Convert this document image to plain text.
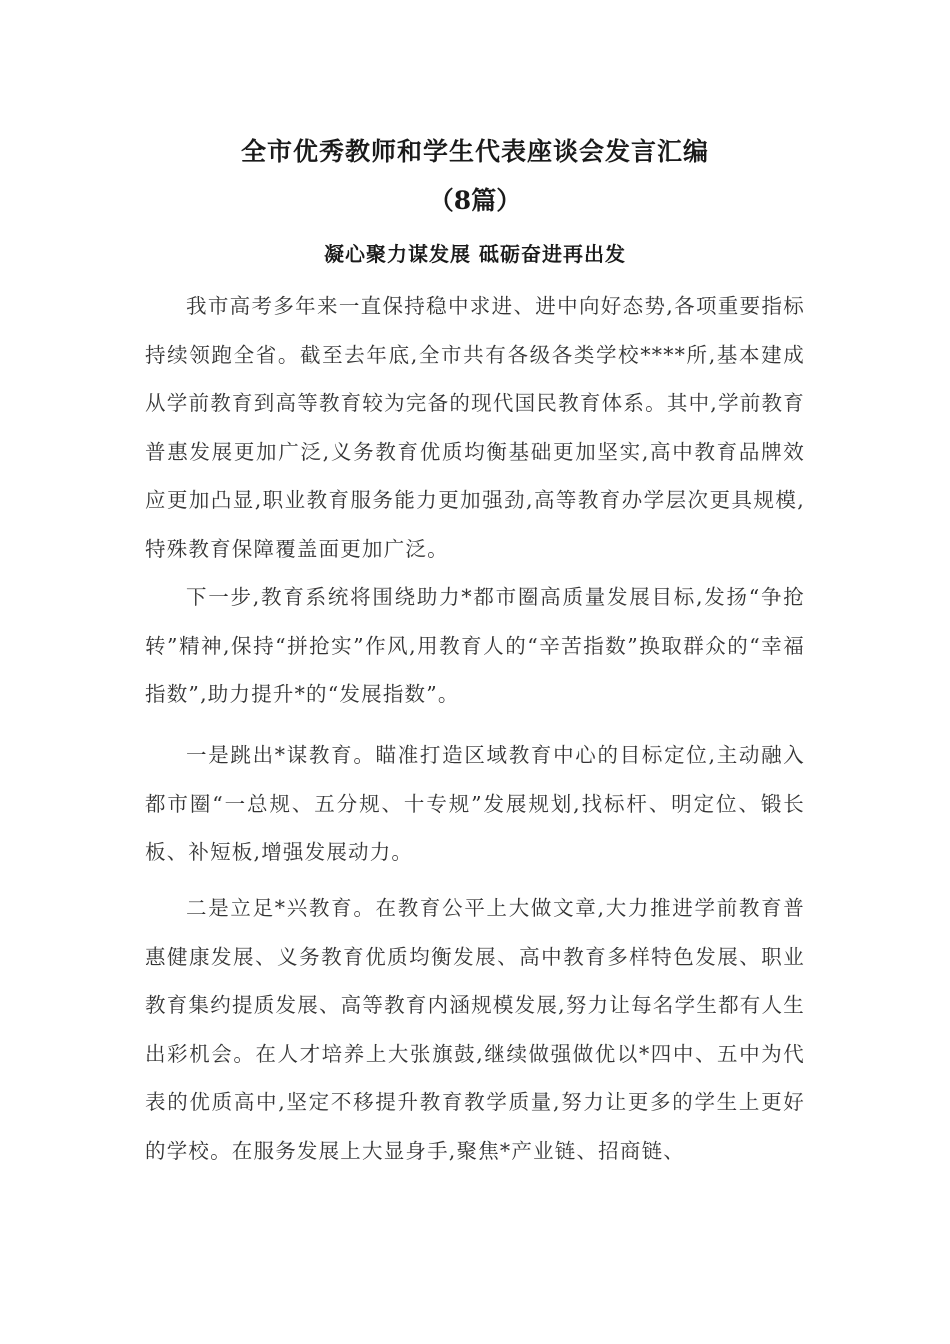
全市优秀教师和学生代表座谈会发言汇编
（8篇）
凝心聚力谋发展 砥砺奋进再出发

我市高考多年来一直保持稳中求进、进中向好态势,各项重要指标持续领跑全省。截至去年底,全市共有各级各类学校****所,基本建成从学前教育到高等教育较为完备的现代国民教育体系。其中,学前教育普惠发展更加广泛,义务教育优质均衡基础更加坚实,高中教育品牌效应更加凸显,职业教育服务能力更加强劲,高等教育办学层次更具规模,特殊教育保障覆盖面更加广泛。

下一步,教育系统将围绕助力*都市圈高质量发展目标,发扬“争抢转”精神,保持“拼抢实”作风,用教育人的“辛苦指数”换取群众的“幸福指数”,助力提升*的“发展指数”。

一是跳出*谋教育。瞄准打造区域教育中心的目标定位,主动融入都市圈“一总规、五分规、十专规”发展规划,找标杆、明定位、锻长板、补短板,增强发展动力。

二是立足*兴教育。在教育公平上大做文章,大力推进学前教育普惠健康发展、义务教育优质均衡发展、高中教育多样特色发展、职业教育集约提质发展、高等教育内涵规模发展,努力让每名学生都有人生出彩机会。在人才培养上大张旗鼓,继续做强做优以*四中、五中为代表的优质高中,坚定不移提升教育教学质量,努力让更多的学生上更好的学校。在服务发展上大显身手,聚焦*产业链、招商链、
